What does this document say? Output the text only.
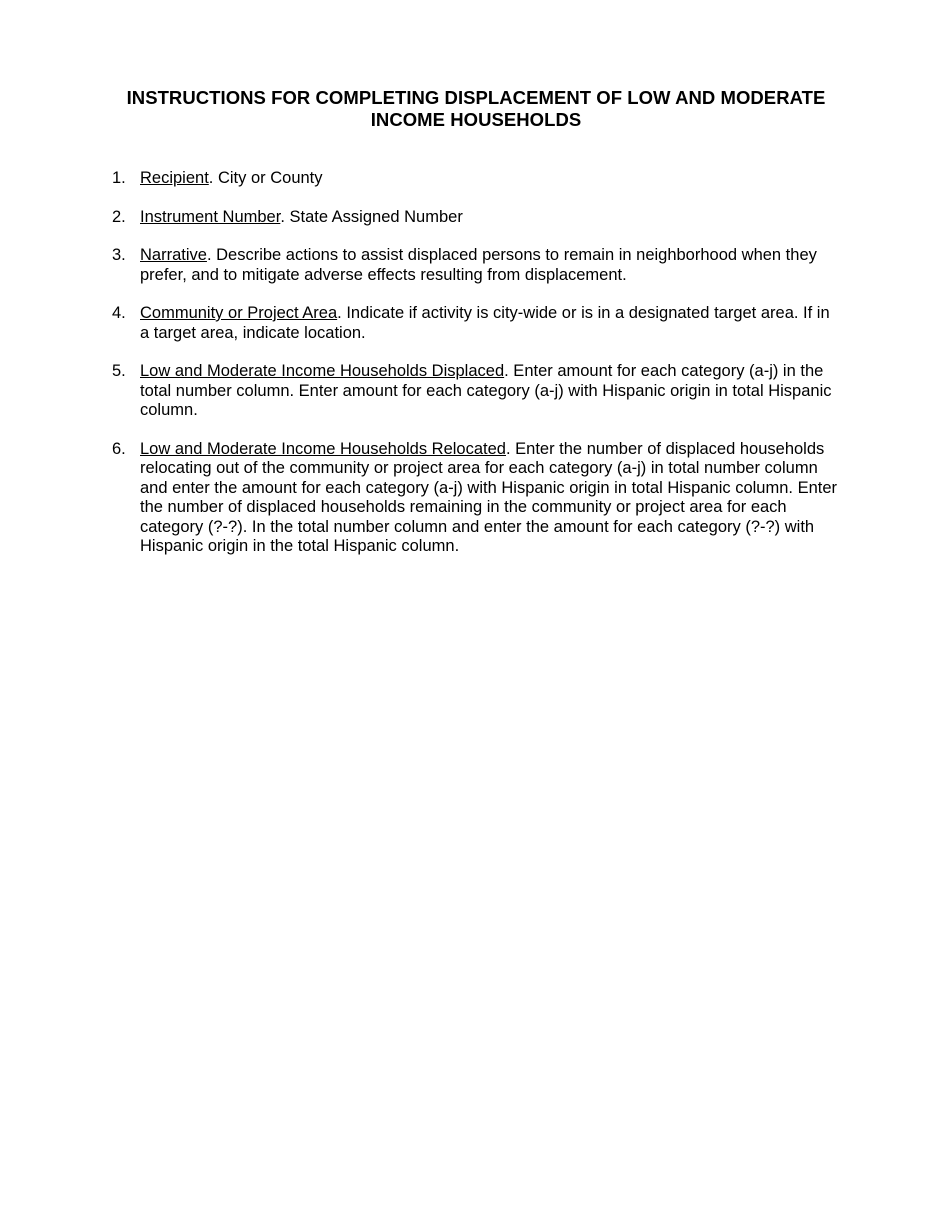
INSTRUCTIONS FOR COMPLETING DISPLACEMENT OF LOW AND MODERATE
INCOME HOUSEHOLDS
1. Recipient. City or County
2. Instrument Number. State Assigned Number
3. Narrative. Describe actions to assist displaced persons to remain in neighborhood when they prefer, and to mitigate adverse effects resulting from displacement.
4. Community or Project Area. Indicate if activity is city-wide or is in a designated target area. If in a target area, indicate location.
5. Low and Moderate Income Households Displaced. Enter amount for each category (a-j) in the total number column. Enter amount for each category (a-j) with Hispanic origin in total Hispanic column.
6. Low and Moderate Income Households Relocated. Enter the number of displaced households relocating out of the community or project area for each category (a-j) in total number column and enter the amount for each category (a-j) with Hispanic origin in total Hispanic column. Enter the number of displaced households remaining in the community or project area for each category (?-?). In the total number column and enter the amount for each category (?-?) with Hispanic origin in the total Hispanic column.
